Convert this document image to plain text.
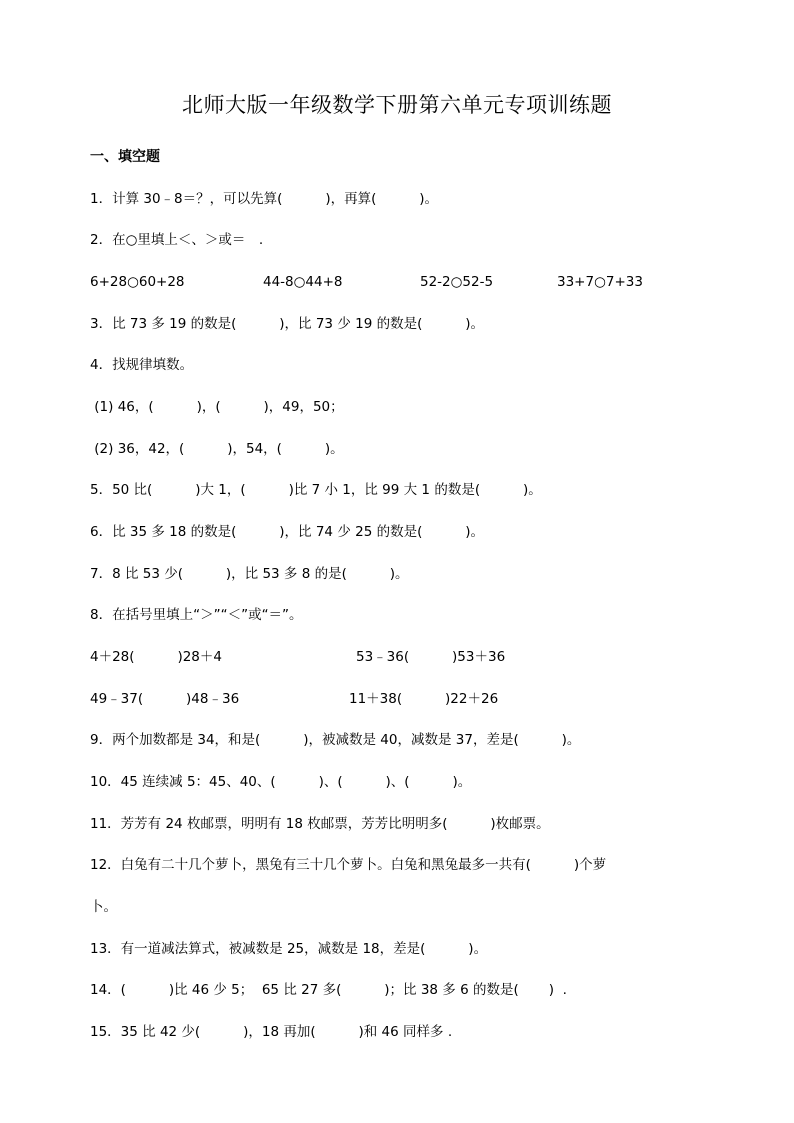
北师大版一年级数学下册第六单元专项训练题
一、填空题
1．计算 30﹣8＝？，可以先算(          )，再算(          )。
2．在○里填上＜、＞或＝　.
6+28○60+28	44-8○44+8	52-2○52-5	33+7○7+33
3．比 73 多 19 的数是(          )，比 73 少 19 的数是(          )。
4．找规律填数。
(1) 46，(          )，(          )，49，50；
(2) 36，42，(          )，54，(          )。
5．50 比(          )大 1，(          )比 7 小 1，比 99 大 1 的数是(          )。
6．比 35 多 18 的数是(          )，比 74 少 25 的数是(          )。
7．8 比 53 少(          )，比 53 多 8 的是(          )。
8．在括号里填上“＞”“＜”或“＝”。
4＋28(          )28＋4	53﹣36(          )53＋36
49﹣37(          )48﹣36	11＋38(          )22＋26
9．两个加数都是 34，和是(          )，被减数是 40，减数是 37，差是(          )。
10．45 连续减 5：45、40、(          )、(          )、(          )。
11．芳芳有 24 枚邮票，明明有 18 枚邮票，芳芳比明明多(          )枚邮票。
12．白兔有二十几个萝卜，黑兔有三十几个萝卜。白兔和黑兔最多一共有(          )个萝
卜。
13．有一道减法算式，被减数是 25，减数是 18，差是(          )。
14．(          )比 46 少 5；  65 比 27 多(          )；比 38 多 6 的数是(       )  .
15．35 比 42 少(          )，18 再加(          )和 46 同样多 .
